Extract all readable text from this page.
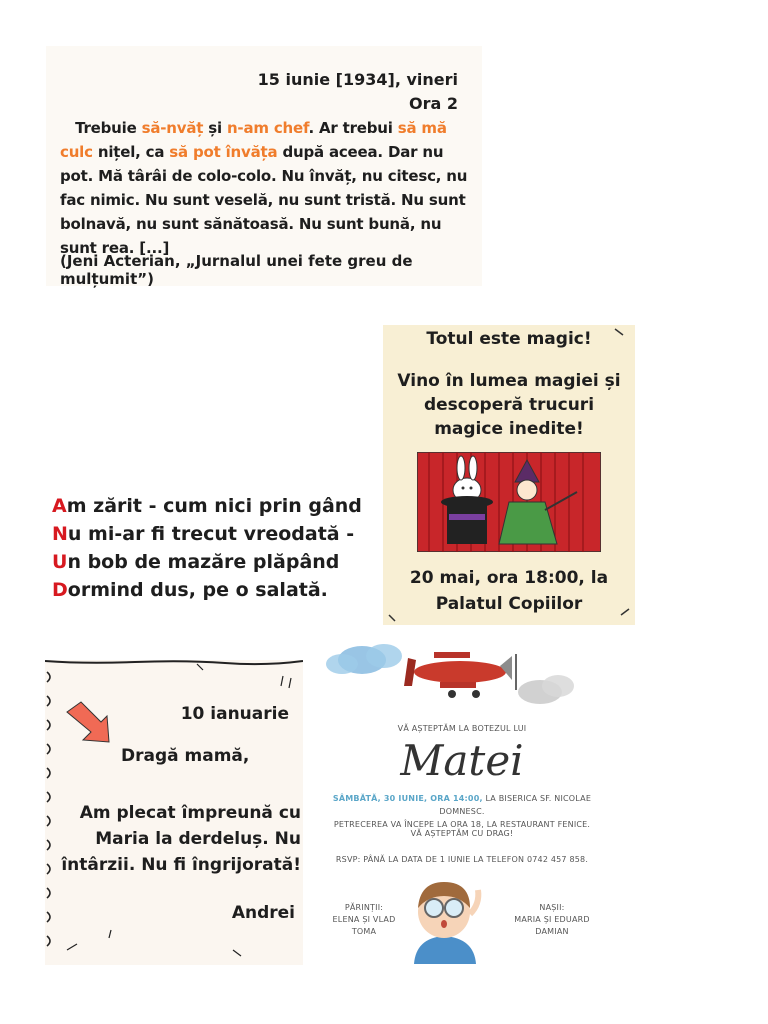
15 iunie [1934], vineri
Ora 2
Trebuie să-nvăț și n-am chef. Ar trebui să mă culc nițel, ca să pot învăța după aceea. Dar nu pot. Mă târâi de colo-colo. Nu învăț, nu citesc, nu fac nimic. Nu sunt veselă, nu sunt tristă. Nu sunt bolnavă, nu sunt sănătoasă. Nu sunt bună, nu sunt rea. [...]
(Jeni Acterian, „Jurnalul unei fete greu de mulțumit”)
Totul este magic!
Vino în lumea magiei și descoperă trucuri magice inedite!
20 mai, ora 18:00, la Palatul Copiilor
Am zărit - cum nici prin gând
Nu mi-ar fi trecut vreodată -
Un bob de mazăre plăpând
Dormind dus, pe o salată.
10 ianuarie
Dragă mamă,
Am plecat împreună cu Maria la derdeluș. Nu întârzii. Nu fi îngrijorată!
Andrei
VĂ AȘTEPTĂM LA BOTEZUL LUI
Matei
SÂMBĂTĂ, 30 IUNIE, ORA 14:00, LA BISERICA SF. NICOLAE DOMNESC.
PETRECEREA VA ÎNCEPE LA ORA 18, LA RESTAURANT FENICE.
VĂ AȘTEPTĂM CU DRAG!
RSVP: PÂNĂ LA DATA DE 1 IUNIE LA TELEFON 0742 457 858.
PĂRINȚII:
ELENA ȘI VLAD
TOMA
NAȘII:
MARIA ȘI EDUARD
DAMIAN
